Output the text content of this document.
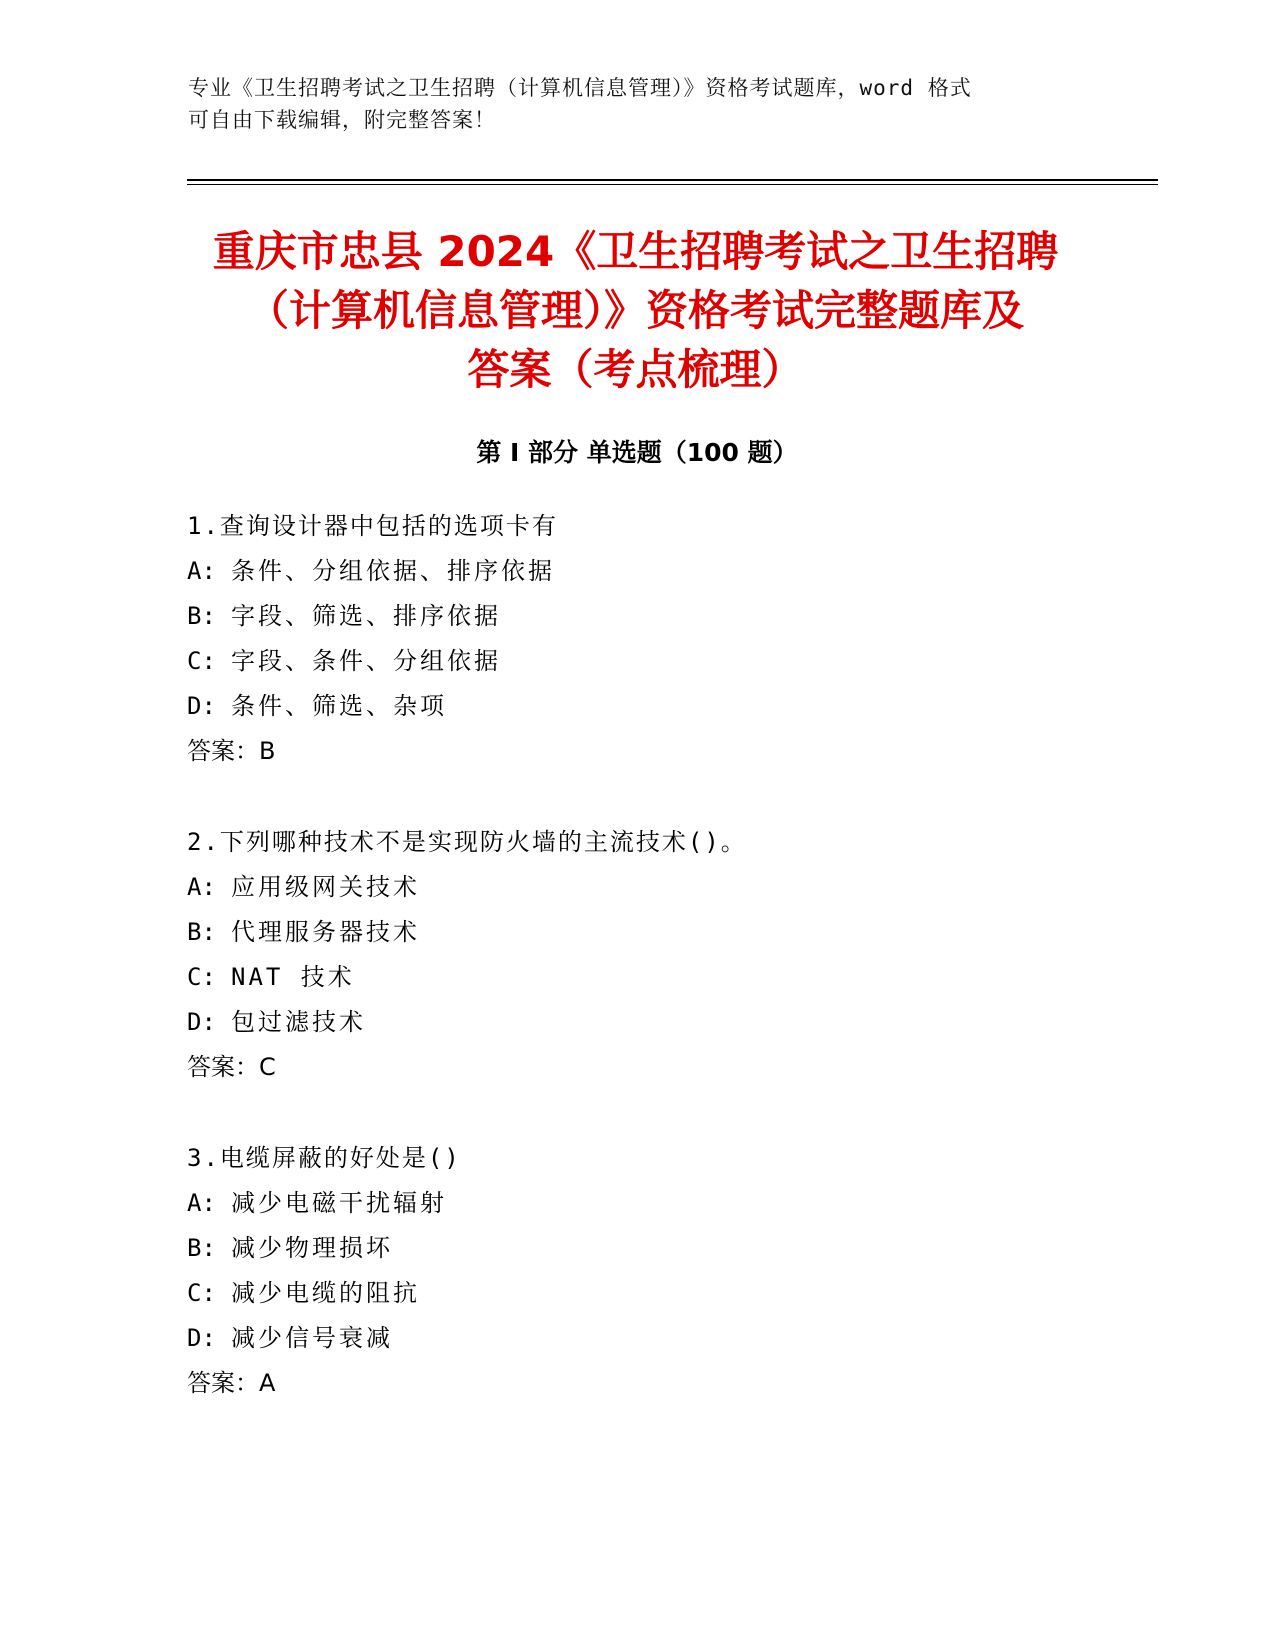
专业《卫生招聘考试之卫生招聘（计算机信息管理）》资格考试题库，word 格式
可自由下载编辑，附完整答案！
重庆市忠县 2024《卫生招聘考试之卫生招聘
（计算机信息管理）》资格考试完整题库及
答案（考点梳理）
第 I 部分 单选题（100 题）
1.查询设计器中包括的选项卡有
A: 条件、分组依据、排序依据
B: 字段、筛选、排序依据
C: 字段、条件、分组依据
D: 条件、筛选、杂项
答案：B
2.下列哪种技术不是实现防火墙的主流技术()。
A: 应用级网关技术
B: 代理服务器技术
C: NAT 技术
D: 包过滤技术
答案：C
3.电缆屏蔽的好处是()
A: 减少电磁干扰辐射
B: 减少物理损坏
C: 减少电缆的阻抗
D: 减少信号衰减
答案：A
